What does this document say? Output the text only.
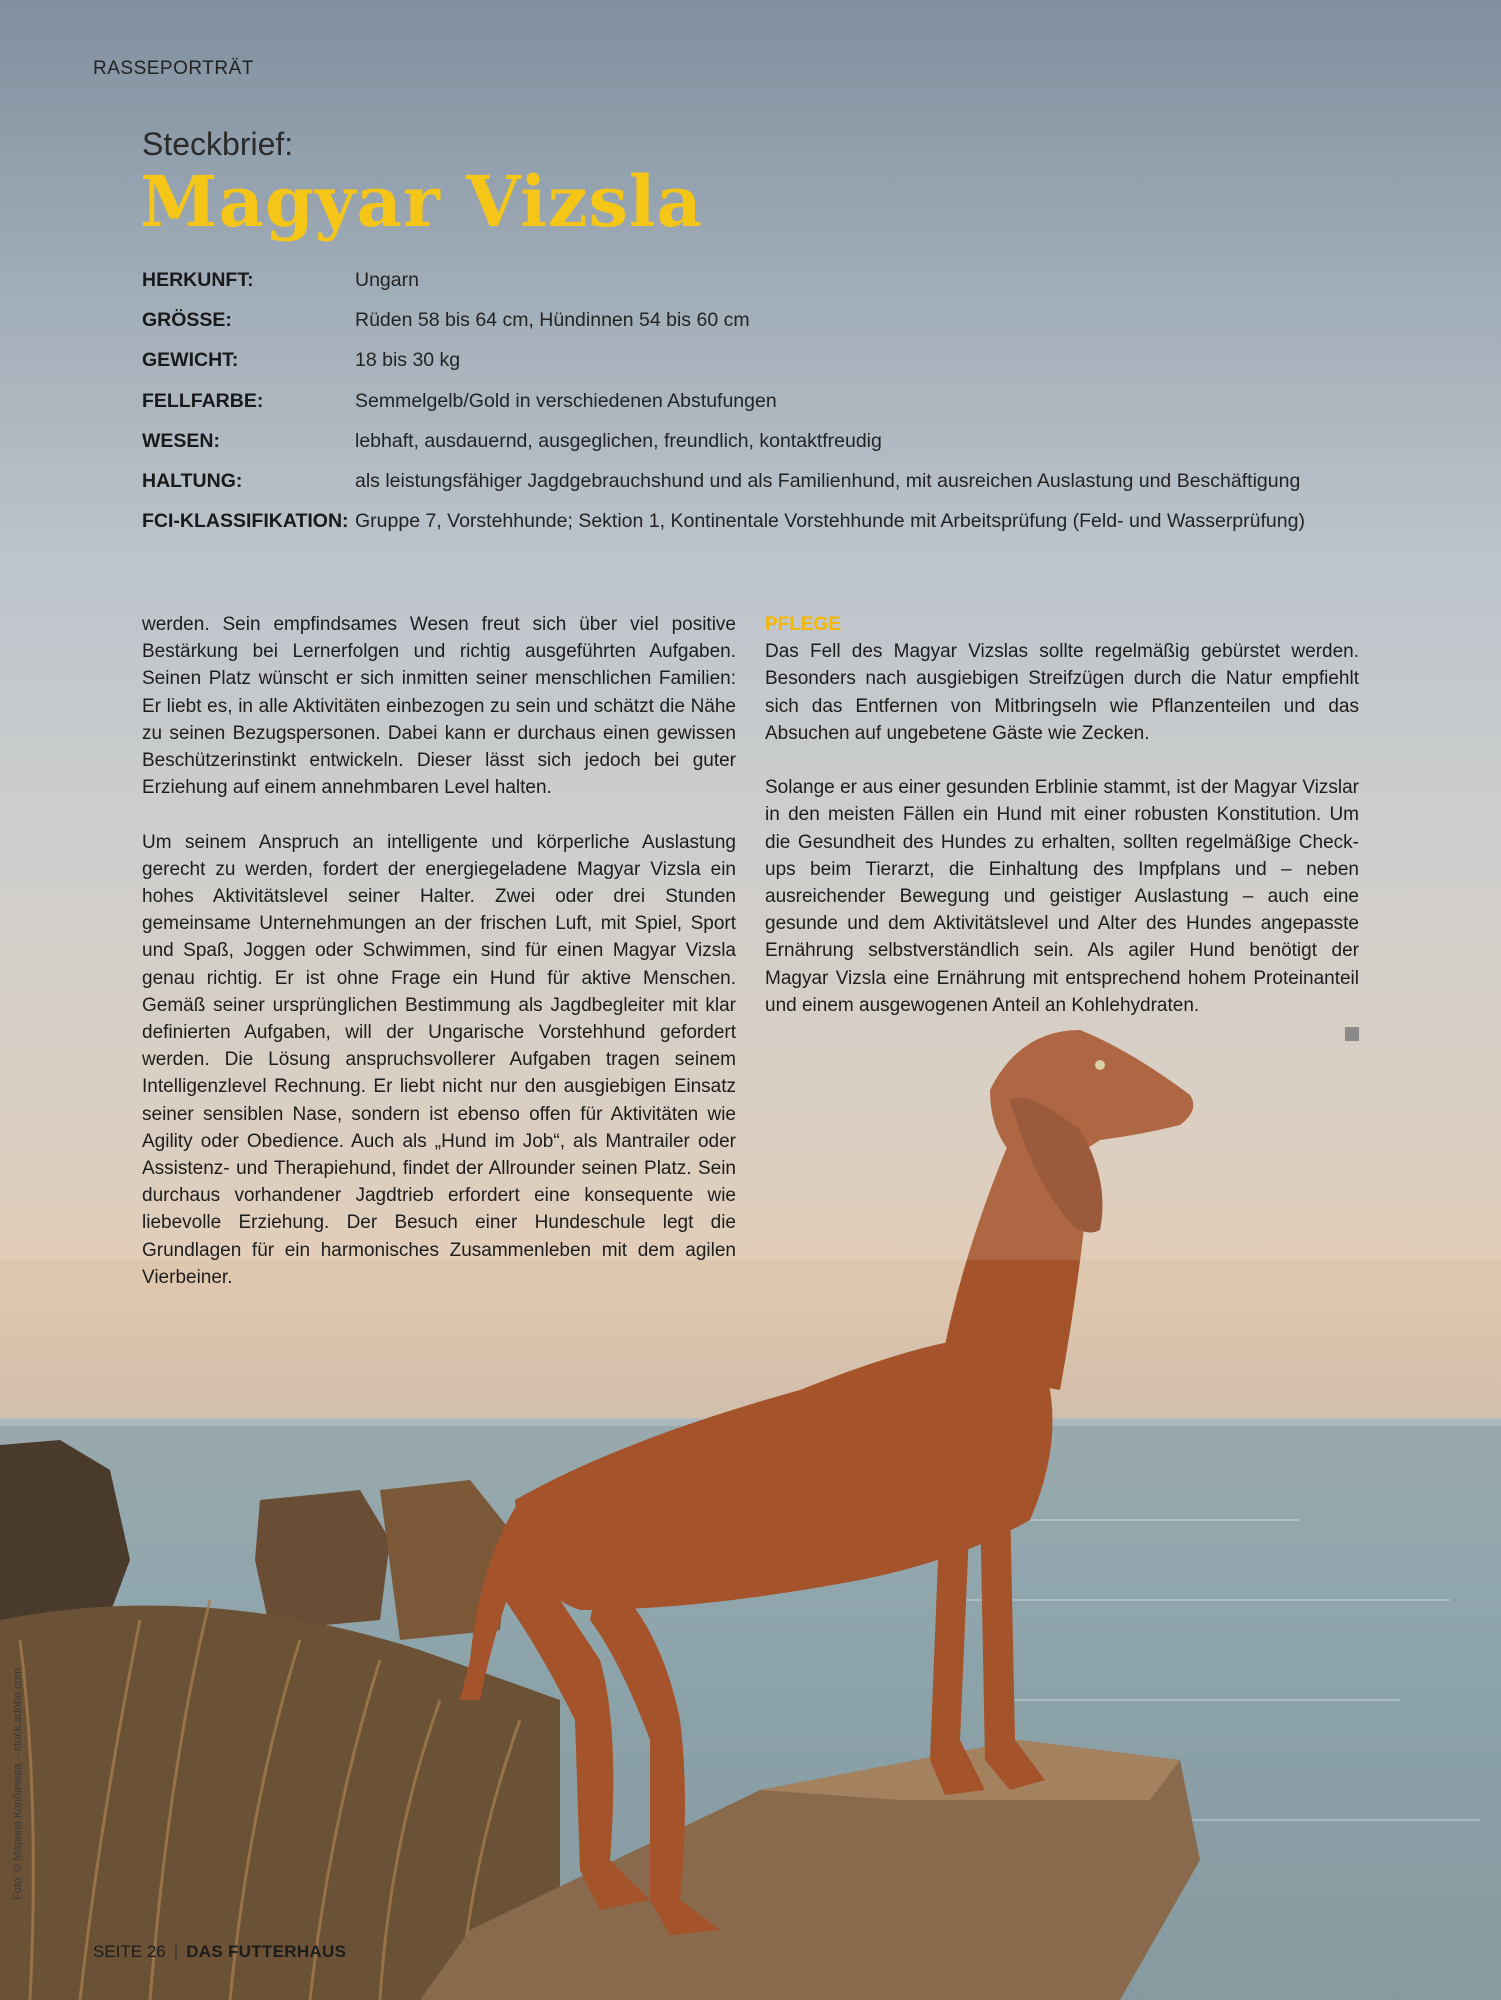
RASSEPORTRÄT
Steckbrief:
Magyar Vizsla
HERKUNFT:	Ungarn
GRÖSSE:	Rüden 58 bis 64 cm, Hündinnen 54 bis 60 cm
GEWICHT:	18 bis 30 kg
FELLFARBE:	Semmelgelb/Gold in verschiedenen Abstufungen
WESEN:	lebhaft, ausdauernd, ausgeglichen, freundlich, kontaktfreudig
HALTUNG:	als leistungsfähiger Jagdgebrauchshund und als Familienhund, mit ausreichen Auslastung und Beschäftigung
FCI-KLASSIFIKATION: Gruppe 7, Vorstehhunde; Sektion 1, Kontinentale Vorstehhunde mit Arbeitsprüfung (Feld- und Wasserprüfung)

werden. Sein empfindsames Wesen freut sich über viel positive Bestärkung bei Lernerfolgen und richtig ausgeführten Aufgaben. Seinen Platz wünscht er sich inmitten seiner menschlichen Familien: Er liebt es, in alle Aktivitäten einbezogen zu sein und schätzt die Nähe zu seinen Bezugspersonen. Dabei kann er durchaus einen gewissen Beschützerinstinkt entwickeln. Dieser lässt sich jedoch bei guter Erziehung auf einem annehmbaren Level halten.

Um seinem Anspruch an intelligente und körperliche Auslastung gerecht zu werden, fordert der energiegeladene Magyar Vizsla ein hohes Aktivitätslevel seiner Halter. Zwei oder drei Stunden gemeinsame Unternehmungen an der frischen Luft, mit Spiel, Sport und Spaß, Joggen oder Schwimmen, sind für einen Magyar Vizsla genau richtig. Er ist ohne Frage ein Hund für aktive Menschen. Gemäß seiner ursprünglichen Bestimmung als Jagdbegleiter mit klar definierten Aufgaben, will der Ungarische Vorstehhund gefordert werden. Die Lösung anspruchsvollerer Aufgaben tragen seinem Intelligenzlevel Rechnung. Er liebt nicht nur den ausgiebigen Einsatz seiner sensiblen Nase, sondern ist ebenso offen für Aktivitäten wie Agility oder Obedience. Auch als „Hund im Job“, als Mantrailer oder Assistenz- und Therapiehund, findet der Allrounder seinen Platz. Sein durchaus vorhandener Jagdtrieb erfordert eine konsequente wie liebevolle Erziehung. Der Besuch einer Hundeschule legt die Grundlagen für ein harmonisches Zusammenleben mit dem agilen Vierbeiner.

PFLEGE

Das Fell des Magyar Vizslas sollte regelmäßig gebürstet werden. Besonders nach ausgiebigen Streifzügen durch die Natur empfiehlt sich das Entfernen von Mitbringseln wie Pflanzenteilen und das Absuchen auf ungebetene Gäste wie Zecken.

Solange er aus einer gesunden Erblinie stammt, ist der Magyar Vizslar in den meisten Fällen ein Hund mit einer robusten Konstitution. Um die Gesundheit des Hundes zu erhalten, sollten regelmäßige Check-ups beim Tierarzt, die Einhaltung des Impfplans und – neben ausreichender Bewegung und geistiger Auslastung – auch eine gesunde und dem Aktivitätslevel und Alter des Hundes angepasste Ernährung selbstverständlich sein. Als agiler Hund benötigt der Magyar Vizsla eine Ernährung mit entsprechend hohem Proteinanteil und einem ausgewogenen Anteil an Kohlehydraten.

Foto: © Марина Колбачева – stock.adobe.com
SEITE 26 | DAS FUTTERHAUS
